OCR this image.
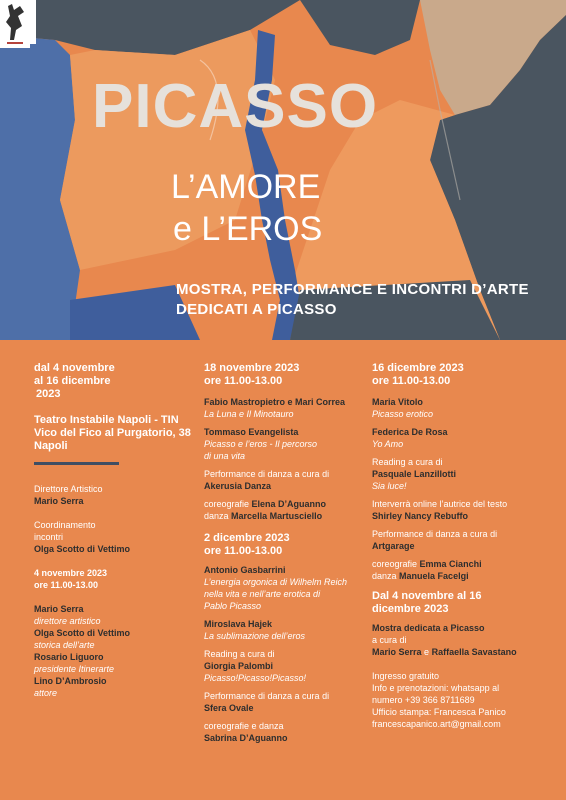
PICASSO
L’AMORE
e L’EROS
MOSTRA, PERFORMANCE E INCONTRI D’ARTE
DEDICATI A PICASSO

dal 4 novembre

al 16 dicembre

2023

Teatro Instabile Napoli - TIN

Vico del Fico al Purgatorio, 38

Napoli

Direttore Artistico

Mario Serra

Coordinamento

incontri

Olga Scotto di Vettimo

4 novembre 2023

ore 11.00-13.00

Mario Serra

direttore artistico

Olga Scotto di Vettimo

storica dell’arte

Rosario Liguoro

presidente Itinerarte

Lino D’Ambrosio

attore

18 novembre 2023

ore 11.00-13.00

Fabio Mastropietro e Mari Correa

La Luna e Il Minotauro

Tommaso Evangelista

Picasso e l’eros - Il percorso

di una vita

Performance di danza a cura di

Akerusia Danza

coreografie Elena D’Aguanno

danza Marcella Martusciello

2 dicembre 2023

ore 11.00-13.00

Antonio Gasbarrini

L’energia orgonica di Wilhelm Reich

nella vita e nell’arte erotica di

Pablo Picasso

Miroslava Hajek

La sublimazione dell’eros

Reading a cura di

Giorgia Palombi

Picasso!Picasso!Picasso!

Performance di danza a cura di

Sfera Ovale

coreografie e danza

Sabrina D’Aguanno

16 dicembre 2023

ore 11.00-13.00

Maria Vitolo

Picasso erotico

Federica De Rosa

Yo Amo

Reading a cura di

Pasquale Lanzillotti

Sia luce!

Interverrà online l’autrice del testo

Shirley Nancy Rebuffo

Performance di danza a cura di

Artgarage

coreografie Emma Cianchi

danza Manuela Facelgi

Dal 4 novembre al 16

dicembre 2023

Mostra dedicata a Picasso

a cura di

Mario Serra e Raffaella Savastano

Ingresso gratuito

Info e prenotazioni: whatsapp al

numero +39 366 8711689

Ufficio stampa: Francesca Panico

francescapanico.art@gmail.com
